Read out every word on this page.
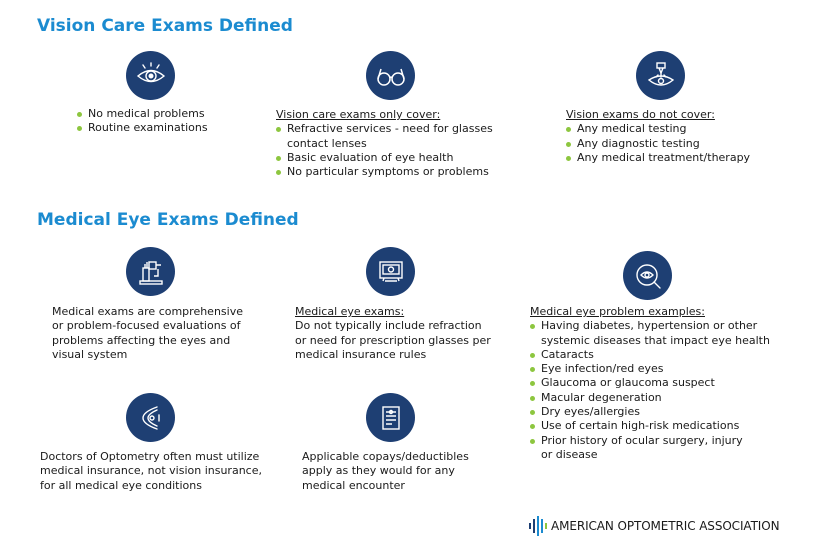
Vision Care Exams Defined
No medical problems
Routine examinations
Vision care exams only cover:
Refractive services - need for glasses contact lenses
Basic evaluation of eye health
No particular symptoms or problems
Vision exams do not cover:
Any medical testing
Any diagnostic testing
Any medical treatment/therapy
Medical Eye Exams Defined
Medical exams are comprehensive or problem-focused evaluations of problems affecting the eyes and visual system
Medical eye exams:
Do not typically include refraction or need for prescription glasses per medical insurance rules
Medical eye problem examples:
Having diabetes, hypertension or other systemic diseases that impact eye health
Cataracts
Eye infection/red eyes
Glaucoma or glaucoma suspect
Macular degeneration
Dry eyes/allergies
Use of certain high-risk medications
Prior history of ocular surgery, injury or disease
Doctors of Optometry often must utilize medical insurance, not vision insurance, for all medical eye conditions
Applicable copays/deductibles apply as they would for any medical encounter
AMERICAN OPTOMETRIC ASSOCIATION
